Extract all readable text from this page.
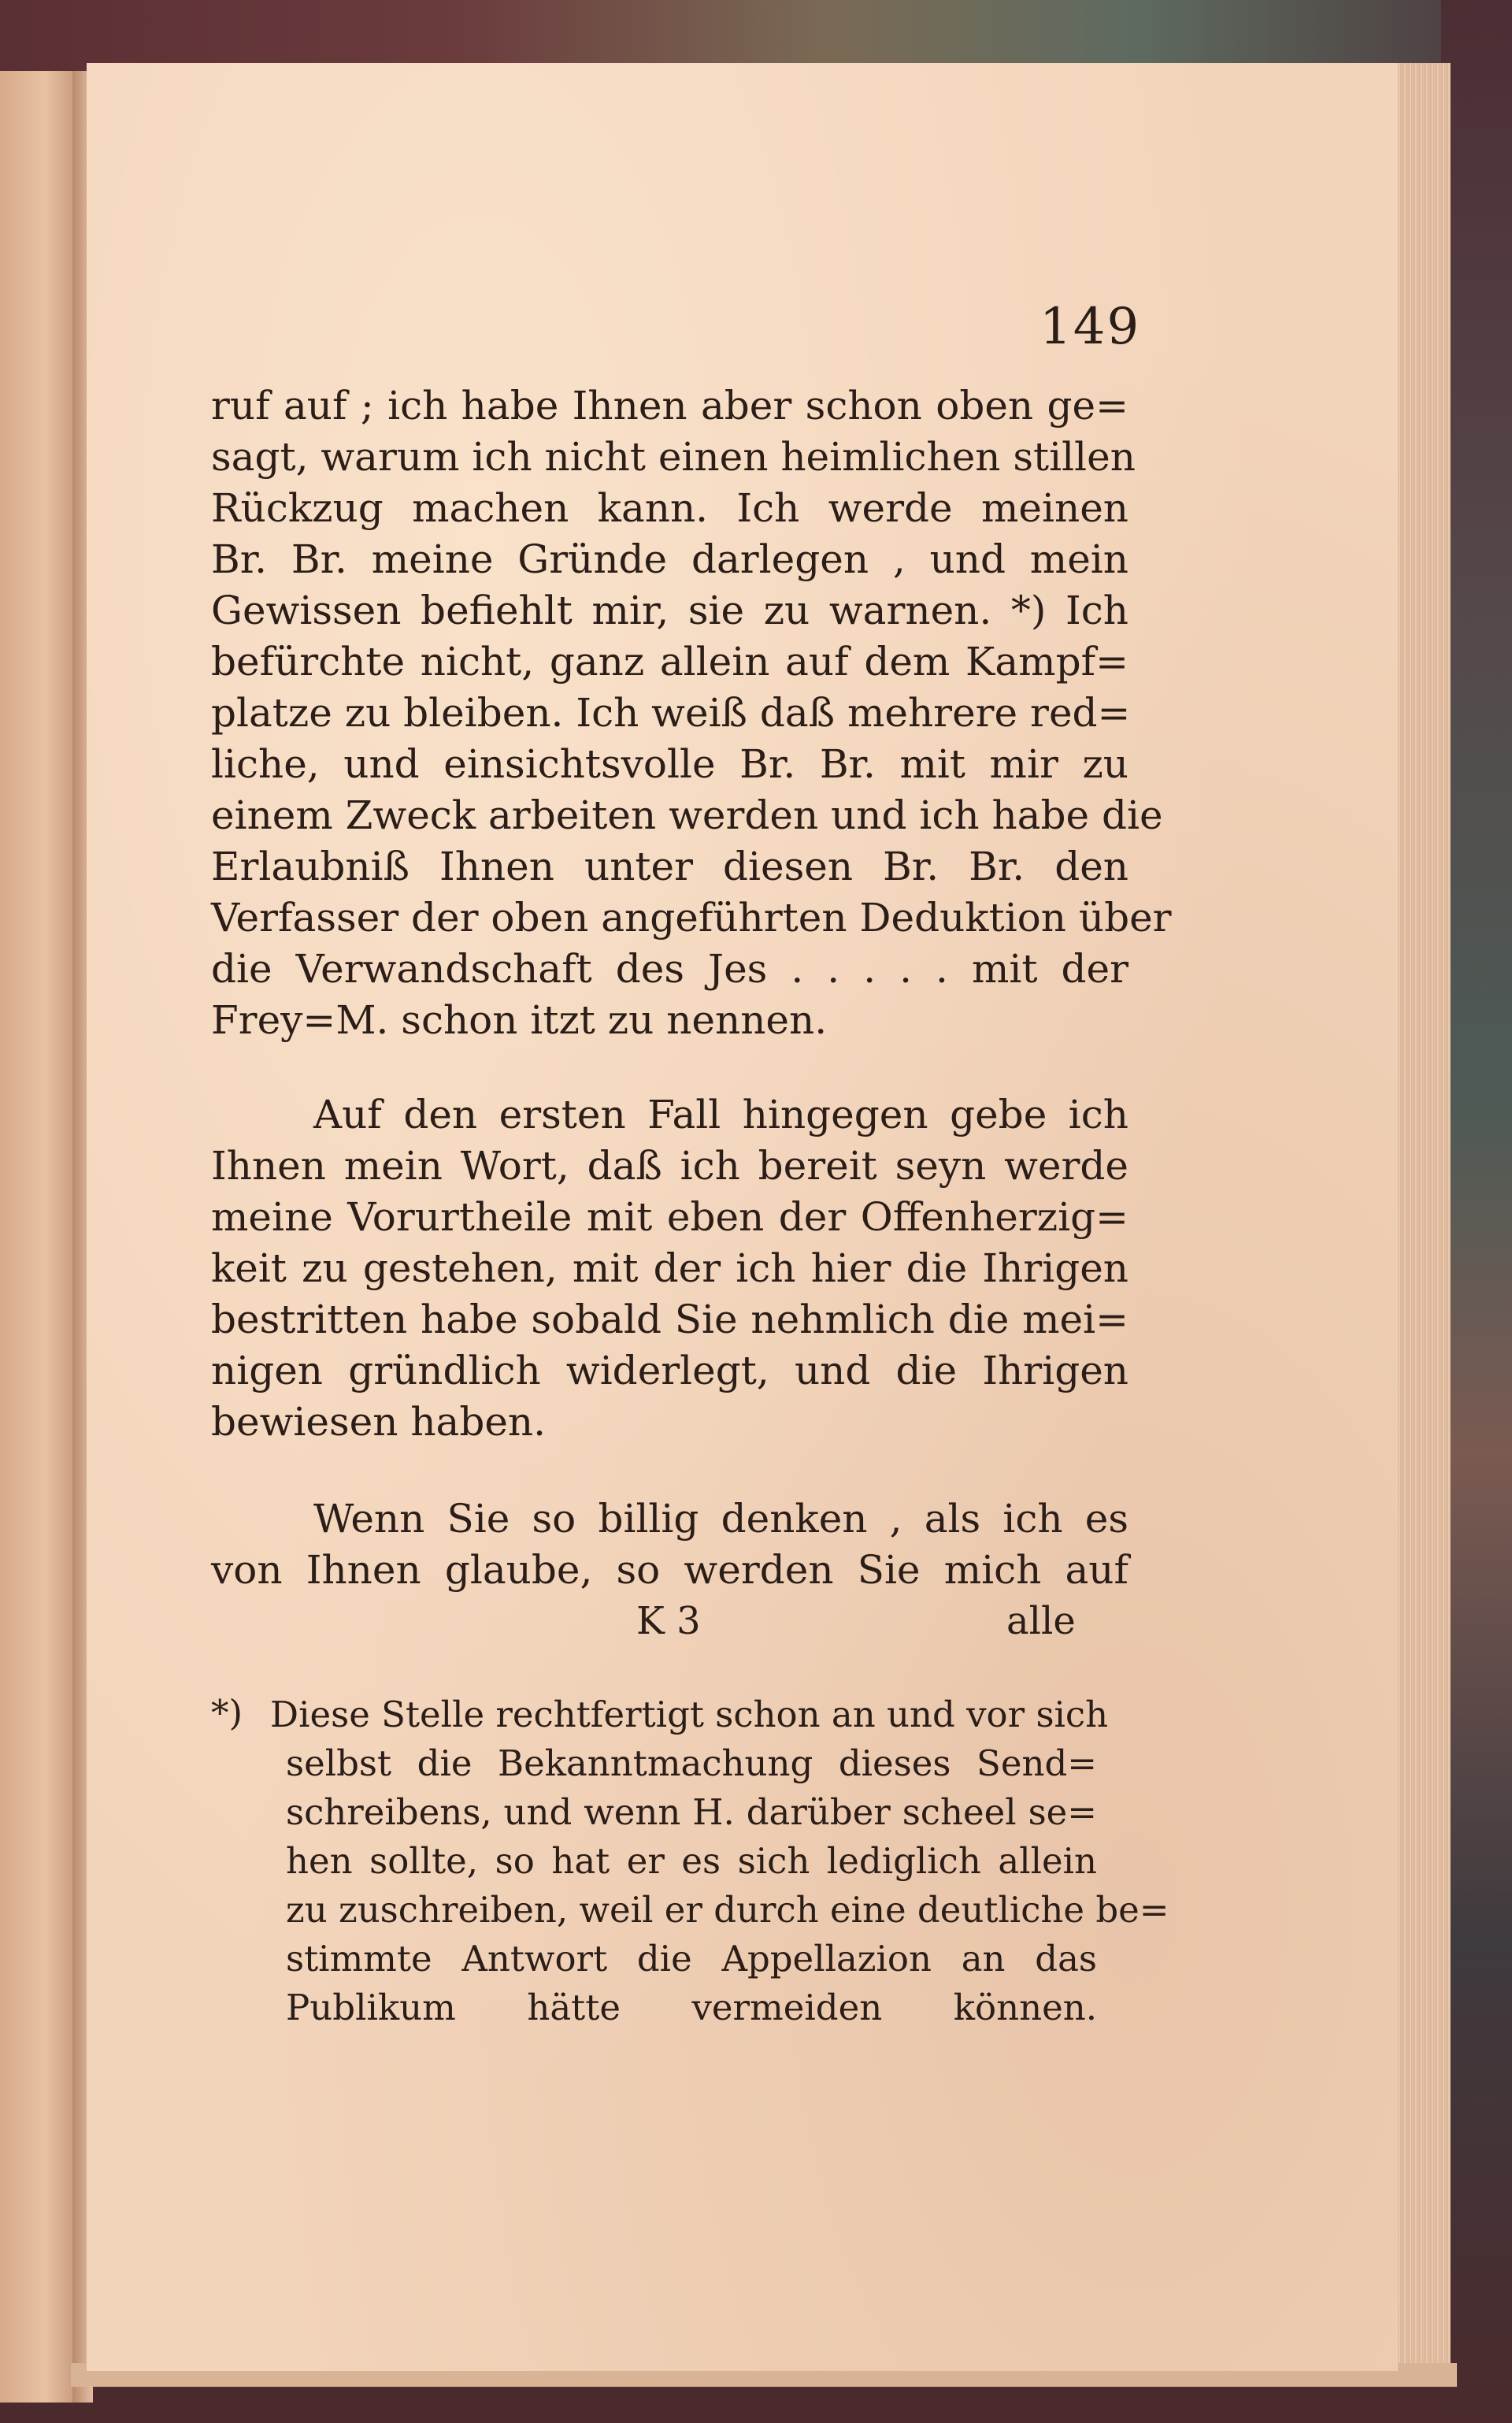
149
ruf auf ; ich habe Ihnen aber schon oben ge=
sagt, warum ich nicht einen heimlichen stillen
Rückzug machen kann. Ich werde meinen
Br. Br. meine Gründe darlegen , und mein
Gewissen befiehlt mir, sie zu warnen. *) Ich
befürchte nicht, ganz allein auf dem Kampf=
platze zu bleiben. Ich weiß daß mehrere red=
liche, und einsichtsvolle Br. Br. mit mir zu
einem Zweck arbeiten werden und ich habe die
Erlaubniß Ihnen unter diesen Br. Br. den
Verfasser der oben angeführten Deduktion über
die Verwandschaft des Jes . . . . . mit der
Frey=M. schon itzt zu nennen.
Auf den ersten Fall hingegen gebe ich
Ihnen mein Wort, daß ich bereit seyn werde
meine Vorurtheile mit eben der Offenherzig=
keit zu gestehen, mit der ich hier die Ihrigen
bestritten habe sobald Sie nehmlich die mei=
nigen gründlich widerlegt, und die Ihrigen
bewiesen haben.
Wenn Sie so billig denken , als ich es
von Ihnen glaube, so werden Sie mich auf
K 3	alle
*) Diese Stelle rechtfertigt schon an und vor sich
selbst die Bekanntmachung dieses Send=
schreibens, und wenn H. darüber scheel se=
hen sollte, so hat er es sich lediglich allein
zu zuschreiben, weil er durch eine deutliche be=
stimmte Antwort die Appellazion an das
Publikum hätte vermeiden können.
